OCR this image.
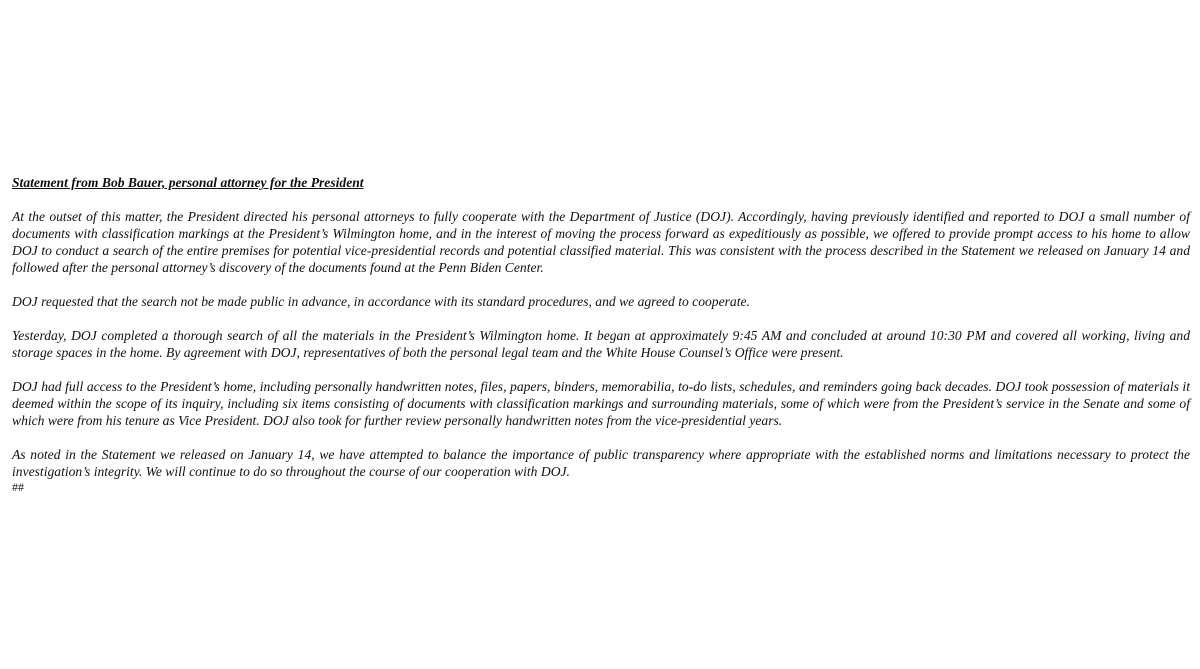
Statement from Bob Bauer, personal attorney for the President

At the outset of this matter, the President directed his personal attorneys to fully cooperate with the Department of Justice (DOJ). Accordingly, having previously identified and reported to DOJ a small number of documents with classification markings at the President’s Wilmington home, and in the interest of moving the process forward as expeditiously as possible, we offered to provide prompt access to his home to allow DOJ to conduct a search of the entire premises for potential vice-presidential records and potential classified material. This was consistent with the process described in the Statement we released on January 14 and followed after the personal attorney’s discovery of the documents found at the Penn Biden Center.

DOJ requested that the search not be made public in advance, in accordance with its standard procedures, and we agreed to cooperate.

Yesterday, DOJ completed a thorough search of all the materials in the President’s Wilmington home. It began at approximately 9:45 AM and concluded at around 10:30 PM and covered all working, living and storage spaces in the home. By agreement with DOJ, representatives of both the personal legal team and the White House Counsel’s Office were present.

DOJ had full access to the President’s home, including personally handwritten notes, files, papers, binders, memorabilia, to-do lists, schedules, and reminders going back decades. DOJ took possession of materials it deemed within the scope of its inquiry, including six items consisting of documents with classification markings and surrounding materials, some of which were from the President’s service in the Senate and some of which were from his tenure as Vice President. DOJ also took for further review personally handwritten notes from the vice-presidential years.

As noted in the Statement we released on January 14, we have attempted to balance the importance of public transparency where appropriate with the established norms and limitations necessary to protect the investigation’s integrity. We will continue to do so throughout the course of our cooperation with DOJ.

##
